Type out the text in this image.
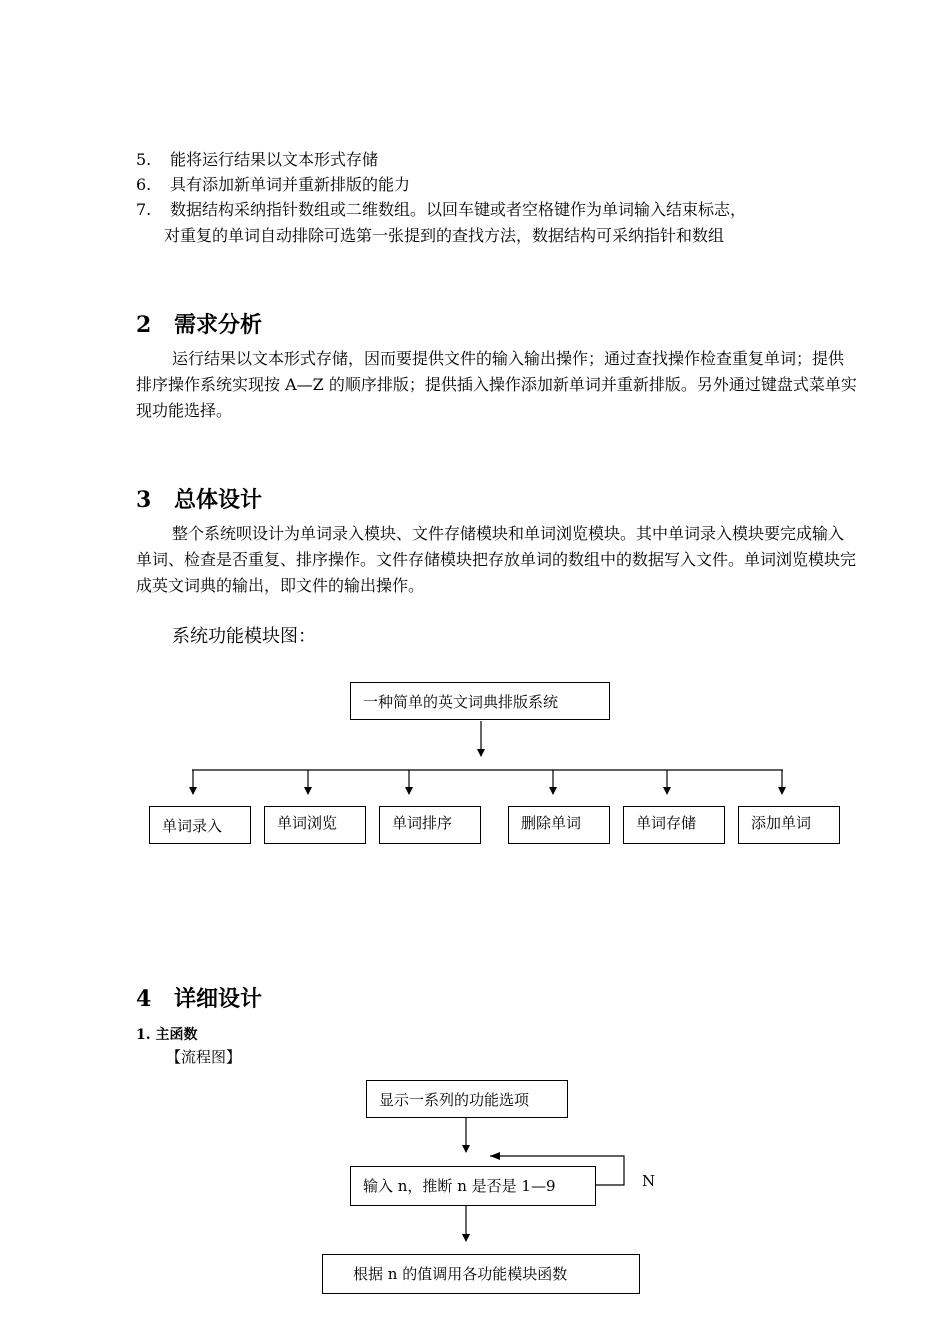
5. 能将运行结果以文本形式存储
6. 具有添加新单词并重新排版的能力
7. 数据结构采纳指针数组或二维数组。以回车键或者空格键作为单词输入结束标志，
对重复的单词自动排除可选第一张提到的查找方法，数据结构可采纳指针和数组
2 需求分析
运行结果以文本形式存储，因而要提供文件的输入输出操作；通过查找操作检查重复单词；提供排序操作系统实现按 A—Z 的顺序排版；提供插入操作添加新单词并重新排版。另外通过键盘式菜单实现功能选择。
3 总体设计
整个系统呗设计为单词录入模块、文件存储模块和单词浏览模块。其中单词录入模块要完成输入单词、检查是否重复、排序操作。文件存储模块把存放单词的数组中的数据写入文件。单词浏览模块完成英文词典的输出，即文件的输出操作。
系统功能模块图：
一种简单的英文词典排版系统
单词录入	单词浏览	单词排序	删除单词	单词存储	添加单词
4 详细设计
1. 主函数
【流程图】
显示一系列的功能选项
输入 n，推断 n 是否是 1—9	N
根据 n 的值调用各功能模块函数
